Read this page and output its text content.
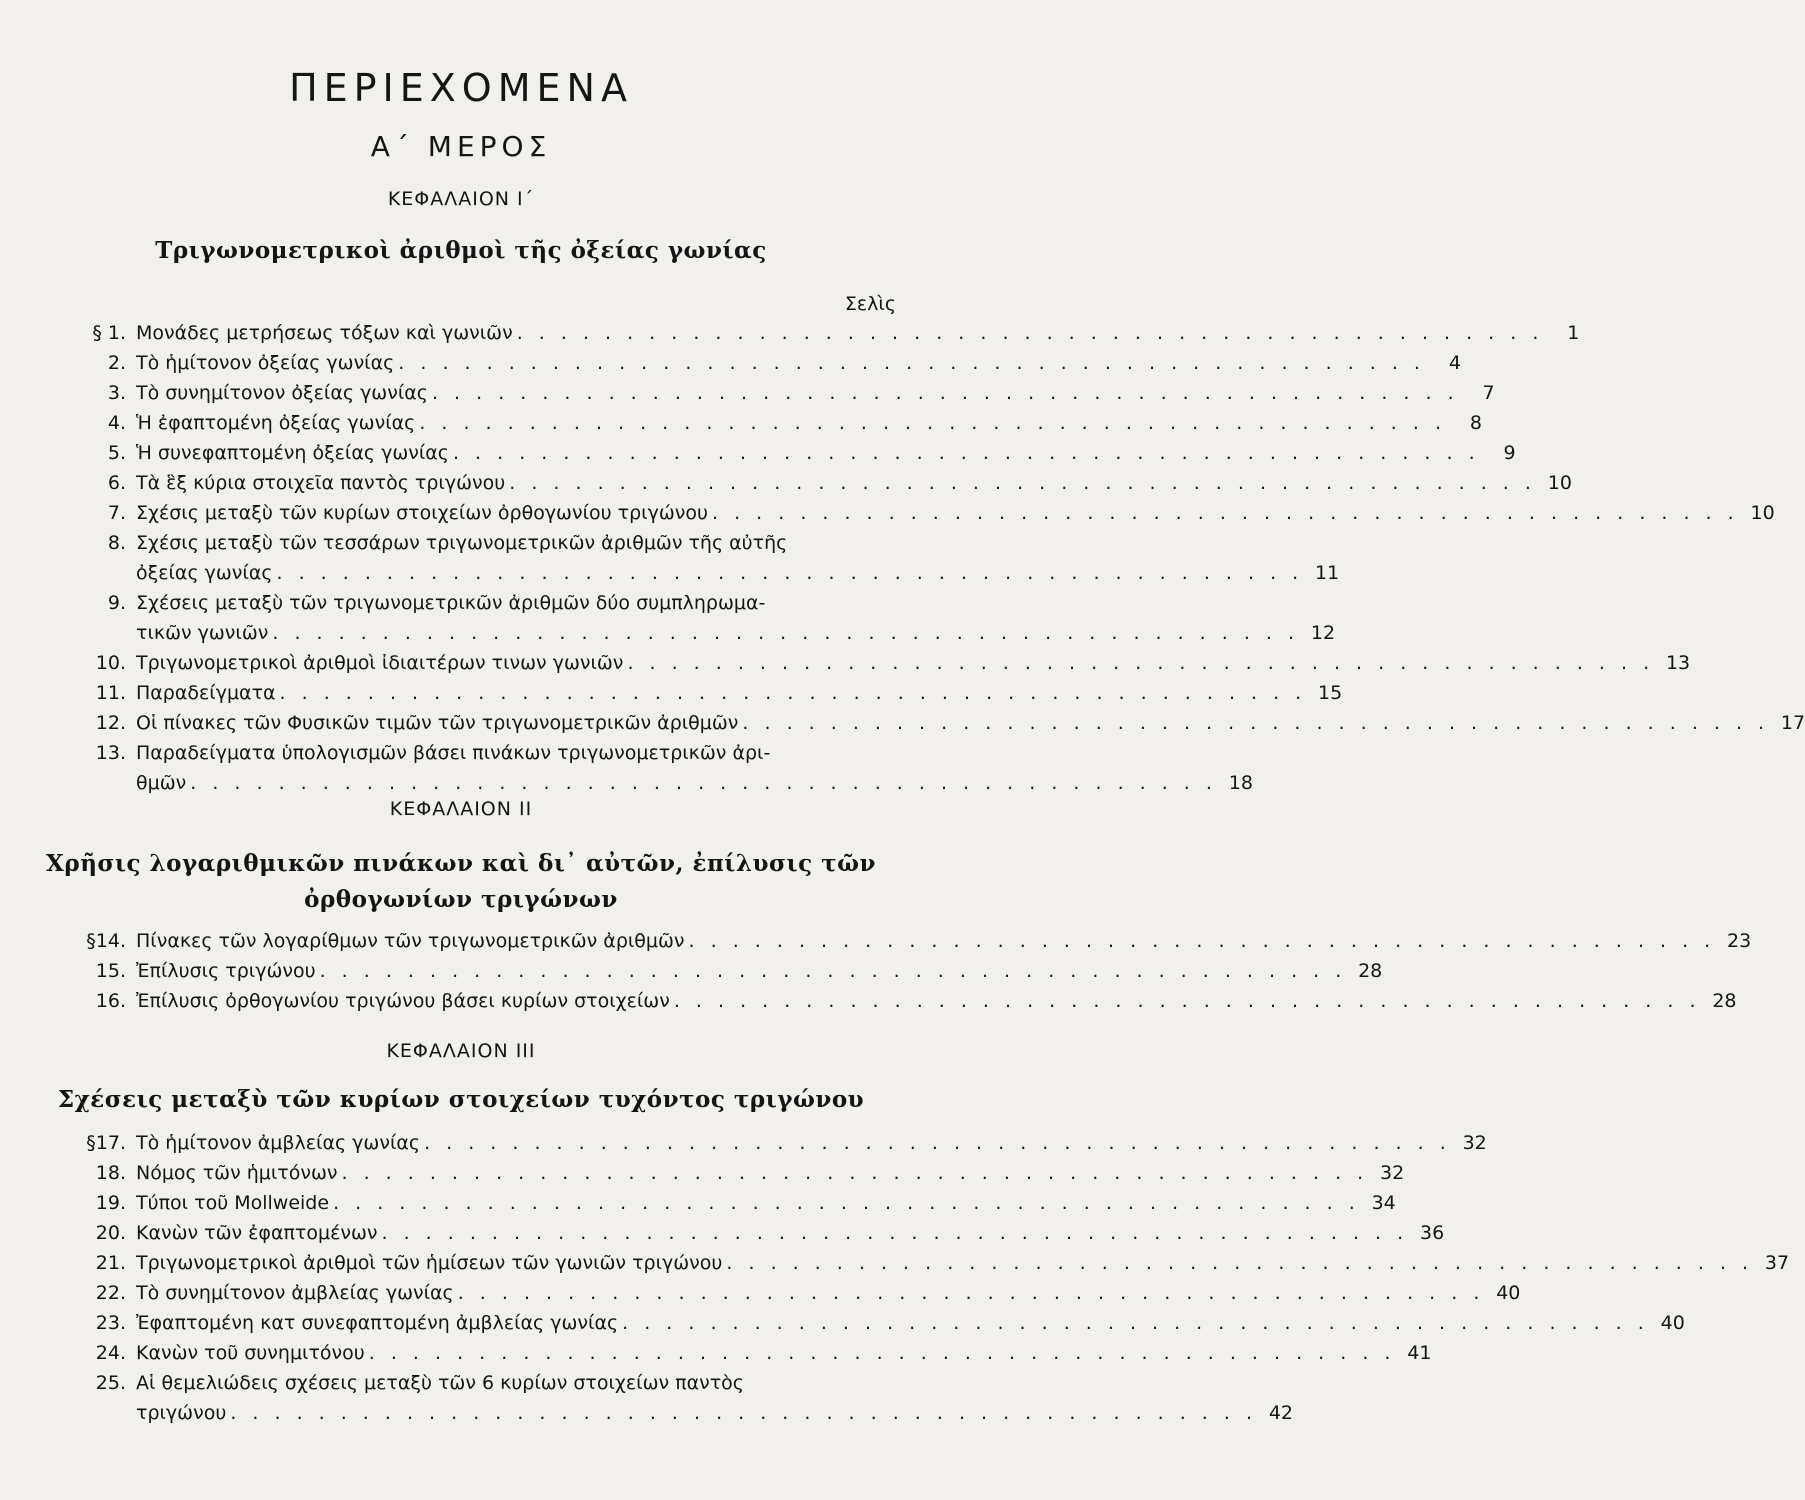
ΠΕΡΙΕΧΟΜΕΝΑ
Α΄ ΜΕΡΟΣ
ΚΕΦΑΛΑΙΟΝ Ι΄
Τριγωνομετρικοὶ ἀριθμοὶ τῆς ὀξείας γωνίας
Σελὶς
§ 1. Μονάδες μετρήσεως τόξων καὶ γωνιῶν . . . . . . . . . . . . . . . . . . . . . . . . . . . . . . . . . . . . . . . . . . . . . . .	1
2. Τὸ ἡμίτονον ὀξείας γωνίας . . . . . . . . . . . . . . . . . . . . . . . . . . . . . . . . . . . . . . . . . . . . . . .	4
3. Τὸ συνημίτονον ὀξείας γωνίας . . . . . . . . . . . . . . . . . . . . . . . . . . . . . . . . . . . . . . . . . . . . . . .	7
4. Ἡ ἐφαπτομένη ὀξείας γωνίας . . . . . . . . . . . . . . . . . . . . . . . . . . . . . . . . . . . . . . . . . . . . . . .	8
5. Ἡ συνεφαπτομένη ὀξείας γωνίας . . . . . . . . . . . . . . . . . . . . . . . . . . . . . . . . . . . . . . . . . . . . . . .	9
6. Τὰ ἓξ κύρια στοιχεῖα παντὸς τριγώνου . . . . . . . . . . . . . . . . . . . . . . . . . . . . . . . . . . . . . . . . . . . . . . . 10
7. Σχέσις μεταξὺ τῶν κυρίων στοιχείων ὀρθογωνίου τριγώνου . . . . . . . . . . . . . . . . . . . . . . . . . . . . . . . . . . . . . . . . . . . . . . . 10
8. Σχέσις μεταξὺ τῶν τεσσάρων τριγωνομετρικῶν ἀριθμῶν τῆς αὐτῆς
ὀξείας γωνίας . . . . . . . . . . . . . . . . . . . . . . . . . . . . . . . . . . . . . . . . . . . . . . . 11
9. Σχέσεις μεταξὺ τῶν τριγωνομετρικῶν ἀριθμῶν δύο συμπληρωμα-
τικῶν γωνιῶν . . . . . . . . . . . . . . . . . . . . . . . . . . . . . . . . . . . . . . . . . . . . . . . 12
10. Τριγωνομετρικοὶ ἀριθμοὶ ἰδιαιτέρων τινων γωνιῶν . . . . . . . . . . . . . . . . . . . . . . . . . . . . . . . . . . . . . . . . . . . . . . . 13
11. Παραδείγματα . . . . . . . . . . . . . . . . . . . . . . . . . . . . . . . . . . . . . . . . . . . . . . . 15
12. Οἱ πίνακες τῶν Φυσικῶν τιμῶν τῶν τριγωνομετρικῶν ἀριθμῶν . . . . . . . . . . . . . . . . . . . . . . . . . . . . . . . . . . . . . . . . . . . . . . . 17
13. Παραδείγματα ὑπολογισμῶν βάσει πινάκων τριγωνομετρικῶν ἀρι-
θμῶν . . . . . . . . . . . . . . . . . . . . . . . . . . . . . . . . . . . . . . . . . . . . . . . 18
ΚΕΦΑΛΑΙΟΝ ΙΙ
Χρῆσις λογαριθμικῶν πινάκων καὶ δι᾽ αὐτῶν, ἐπίλυσις τῶν ὀρθογωνίων τριγώνων
§14. Πίνακες τῶν λογαρίθμων τῶν τριγωνομετρικῶν ἀριθμῶν . . . . . . . . . . . . . . . . . . . . . . . . . . . . . . . . . . . . . . . . . . . . . . . 23
15. Ἐπίλυσις τριγώνου . . . . . . . . . . . . . . . . . . . . . . . . . . . . . . . . . . . . . . . . . . . . . . . 28
16. Ἐπίλυσις ὀρθογωνίου τριγώνου βάσει κυρίων στοιχείων . . . . . . . . . . . . . . . . . . . . . . . . . . . . . . . . . . . . . . . . . . . . . . . 28
ΚΕΦΑΛΑΙΟΝ ΙΙΙ
Σχέσεις μεταξὺ τῶν κυρίων στοιχείων τυχόντος τριγώνου
§17. Τὸ ἡμίτονον ἀμβλείας γωνίας . . . . . . . . . . . . . . . . . . . . . . . . . . . . . . . . . . . . . . . . . . . . . . . 32
18. Νόμος τῶν ἡμιτόνων . . . . . . . . . . . . . . . . . . . . . . . . . . . . . . . . . . . . . . . . . . . . . . . 32
19. Τύποι τοῦ Mollweide . . . . . . . . . . . . . . . . . . . . . . . . . . . . . . . . . . . . . . . . . . . . . . . 34
20. Κανὼν τῶν ἐφαπτομένων . . . . . . . . . . . . . . . . . . . . . . . . . . . . . . . . . . . . . . . . . . . . . . . 36
21. Τριγωνομετρικοὶ ἀριθμοὶ τῶν ἡμίσεων τῶν γωνιῶν τριγώνου . . . . . . . . . . . . . . . . . . . . . . . . . . . . . . . . . . . . . . . . . . . . . . . 37
22. Τὸ συνημίτονον ἀμβλείας γωνίας . . . . . . . . . . . . . . . . . . . . . . . . . . . . . . . . . . . . . . . . . . . . . . . 40
23. Ἐφαπτομένη κατ συνεφαπτομένη ἀμβλείας γωνίας . . . . . . . . . . . . . . . . . . . . . . . . . . . . . . . . . . . . . . . . . . . . . . . 40
24. Κανὼν τοῦ συνημιτόνου . . . . . . . . . . . . . . . . . . . . . . . . . . . . . . . . . . . . . . . . . . . . . . . 41
25. Αἱ θεμελιώδεις σχέσεις μεταξὺ τῶν 6 κυρίων στοιχείων παντὸς
τριγώνου . . . . . . . . . . . . . . . . . . . . . . . . . . . . . . . . . . . . . . . . . . . . . . . 42
